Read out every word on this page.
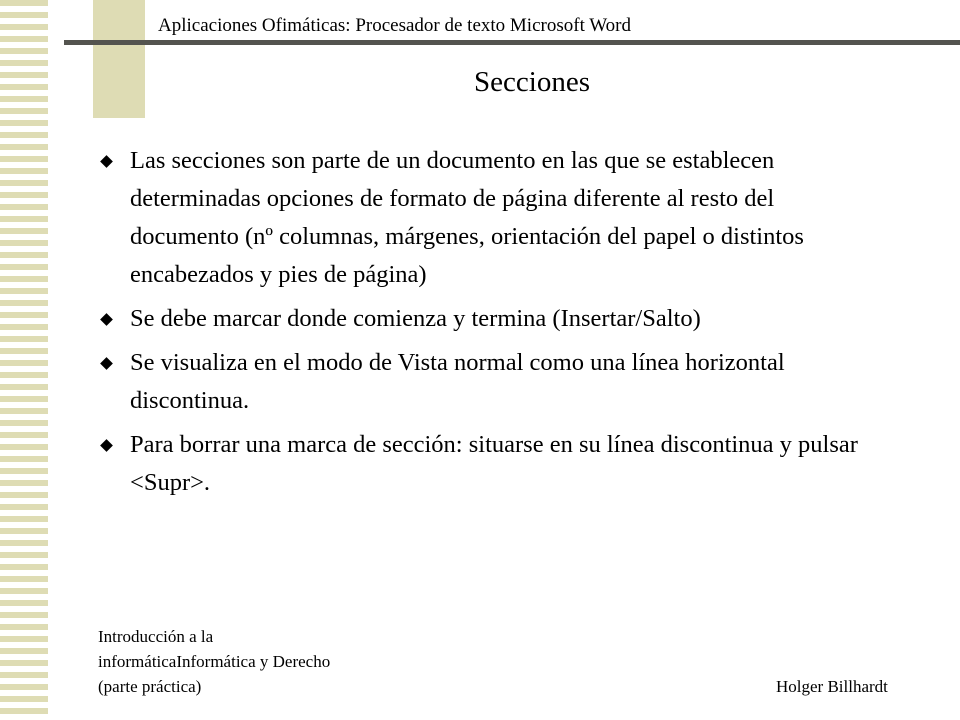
Aplicaciones Ofimáticas: Procesador de texto Microsoft Word
Secciones
Las secciones son parte de un documento en las que se establecen determinadas opciones de formato de página diferente al resto del documento (nº columnas, márgenes, orientación del papel o distintos encabezados y pies de página)
Se debe marcar donde comienza y termina (Insertar/Salto)
Se visualiza en el modo de Vista normal como una línea horizontal discontinua.
Para borrar una marca de sección: situarse en su línea discontinua y pulsar <Supr>.
Introducción a la
informáticaInformática y Derecho
(parte práctica)	Holger Billhardt
